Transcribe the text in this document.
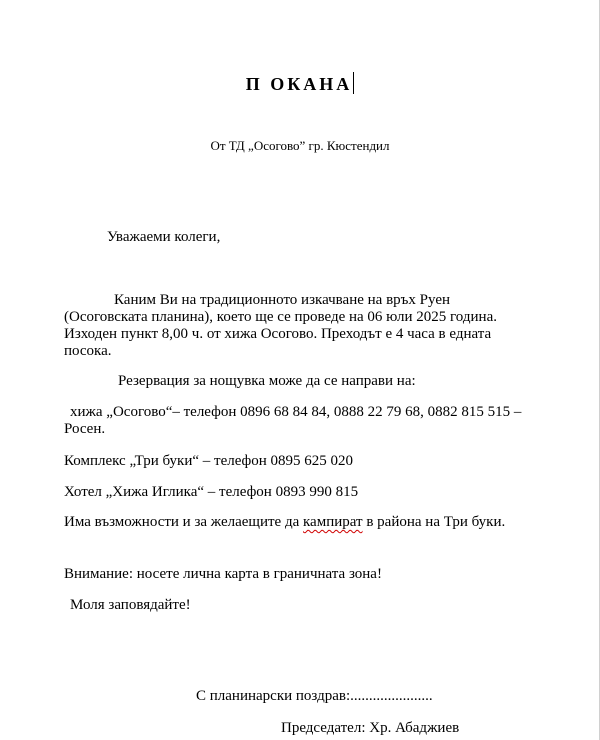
П ОКАНА
От ТД „Осогово” гр. Кюстендил

Уважаеми колеги,

Каним Ви на традиционното изкачване на връх Руен (Осоговската планина), което ще се проведе на 06 юли 2025 година. Изходен пункт 8,00 ч. от хижа Осогово. Преходът е 4 часа в едната посока.

Резервация за нощувка може да се направи на:

хижа „Осогово“– телефон 0896 68 84 84, 0888 22 79 68, 0882 815 515 – Росен.

Комплекс „Три буки“ – телефон 0895 625 020

Хотел „Хижа Иглика“ – телефон 0893 990 815

Има възможности и за желаещите да кампират в района на Три буки.

Внимание: носете лична карта в граничната зона!

Моля заповядайте!

С планинарски поздрав:......................

Председател: Хр. Абаджиев
